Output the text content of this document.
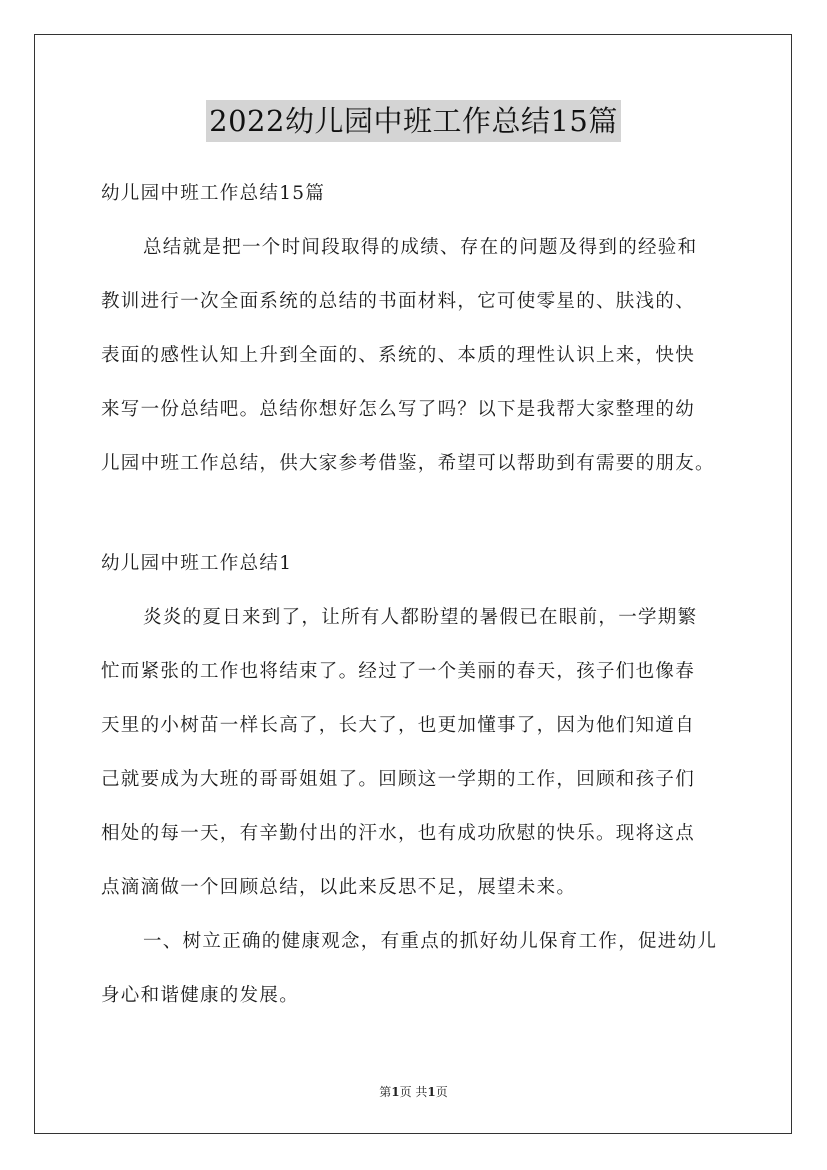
2022幼儿园中班工作总结15篇
幼儿园中班工作总结15篇
总结就是把一个时间段取得的成绩、存在的问题及得到的经验和
教训进行一次全面系统的总结的书面材料，它可使零星的、肤浅的、
表面的感性认知上升到全面的、系统的、本质的理性认识上来，快快
来写一份总结吧。总结你想好怎么写了吗？以下是我帮大家整理的幼
儿园中班工作总结，供大家参考借鉴，希望可以帮助到有需要的朋友。
幼儿园中班工作总结1
炎炎的夏日来到了，让所有人都盼望的暑假已在眼前，一学期繁
忙而紧张的工作也将结束了。经过了一个美丽的春天，孩子们也像春
天里的小树苗一样长高了，长大了，也更加懂事了，因为他们知道自
己就要成为大班的哥哥姐姐了。回顾这一学期的工作，回顾和孩子们
相处的每一天，有辛勤付出的汗水，也有成功欣慰的快乐。现将这点
点滴滴做一个回顾总结，以此来反思不足，展望未来。
一、树立正确的健康观念，有重点的抓好幼儿保育工作，促进幼儿
身心和谐健康的发展。
第1页 共1页
